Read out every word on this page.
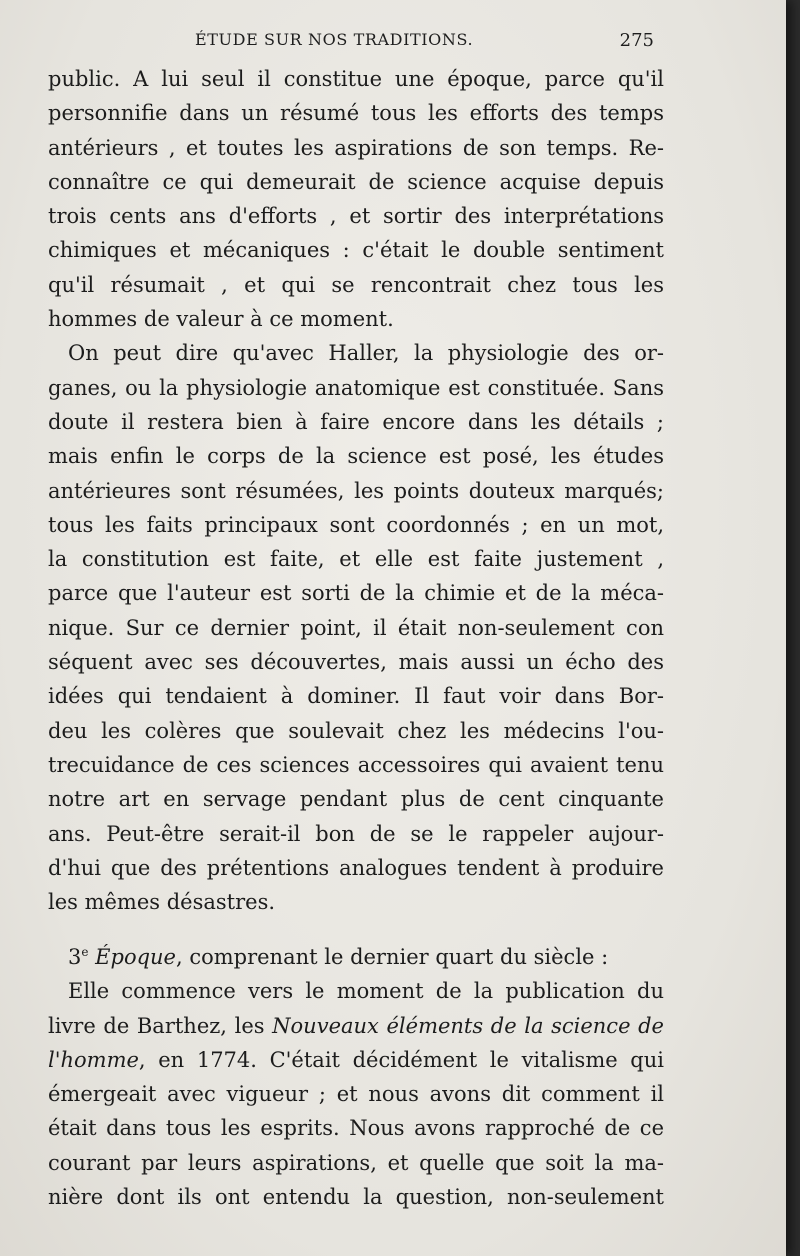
ÉTUDE SUR NOS TRADITIONS.	275
public. A lui seul il constitue une époque, parce qu'il
personnifie dans un résumé tous les efforts des temps
antérieurs , et toutes les aspirations de son temps. Re-
connaître ce qui demeurait de science acquise depuis
trois cents ans d'efforts , et sortir des interprétations
chimiques et mécaniques : c'était le double sentiment
qu'il résumait , et qui se rencontrait chez tous les
hommes de valeur à ce moment.
On peut dire qu'avec Haller, la physiologie des or-
ganes, ou la physiologie anatomique est constituée. Sans
doute il restera bien à faire encore dans les détails ;
mais enfin le corps de la science est posé, les études
antérieures sont résumées, les points douteux marqués;
tous les faits principaux sont coordonnés ; en un mot,
la constitution est faite, et elle est faite justement ,
parce que l'auteur est sorti de la chimie et de la méca-
nique. Sur ce dernier point, il était non-seulement con
séquent avec ses découvertes, mais aussi un écho des
idées qui tendaient à dominer. Il faut voir dans Bor-
deu les colères que soulevait chez les médecins l'ou-
trecuidance de ces sciences accessoires qui avaient tenu
notre art en servage pendant plus de cent cinquante
ans. Peut-être serait-il bon de se le rappeler aujour-
d'hui que des prétentions analogues tendent à produire
les mêmes désastres.
3e Époque, comprenant le dernier quart du siècle :
Elle commence vers le moment de la publication du
livre de Barthez, les Nouveaux éléments de la science de
l'homme, en 1774. C'était décidément le vitalisme qui
émergeait avec vigueur ; et nous avons dit comment il
était dans tous les esprits. Nous avons rapproché de ce
courant par leurs aspirations, et quelle que soit la ma-
nière dont ils ont entendu la question, non-seulement
